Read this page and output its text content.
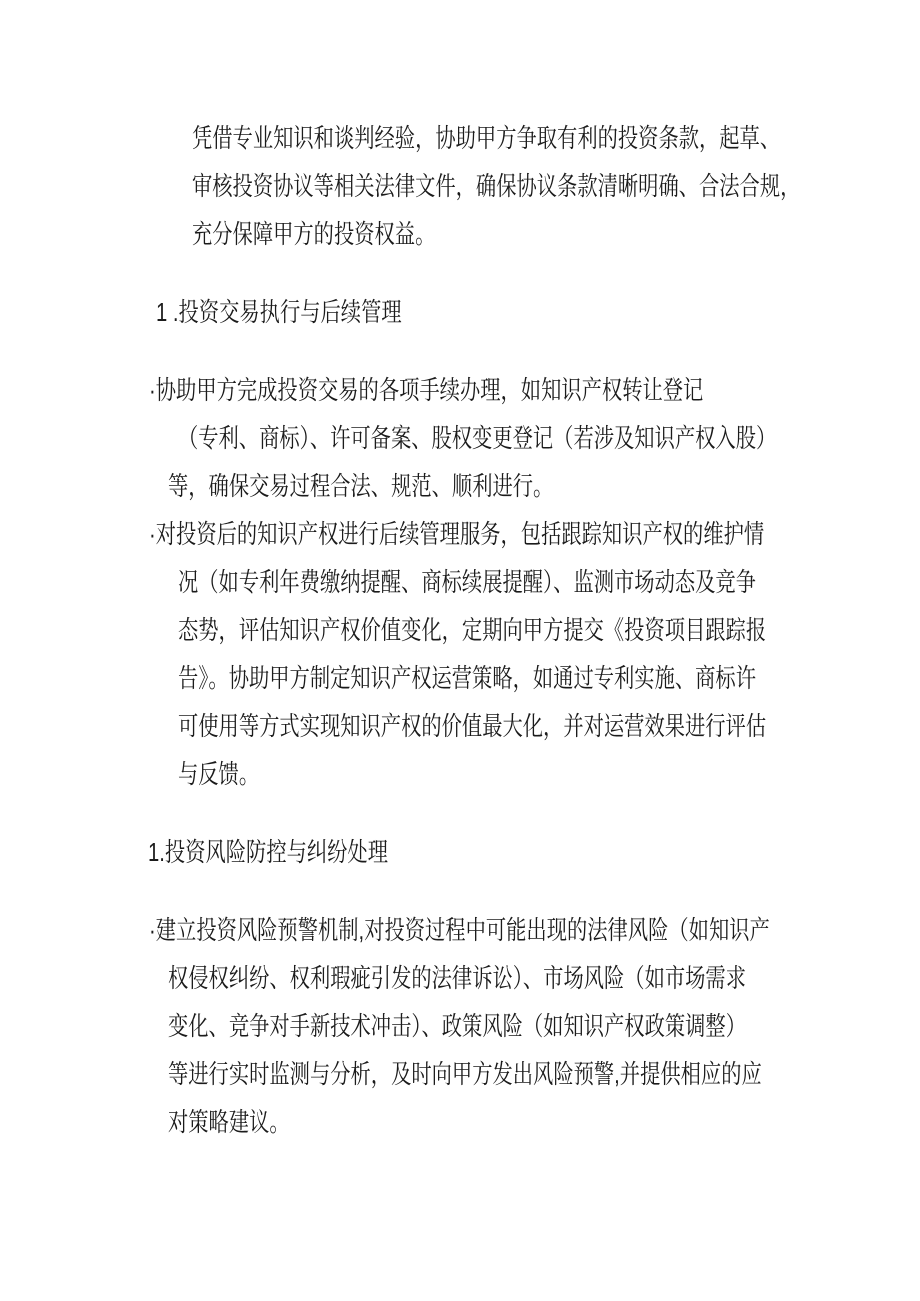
凭借专业知识和谈判经验，协助甲方争取有利的投资条款，起草、
审核投资协议等相关法律文件，确保协议条款清晰明确、合法合规，
充分保障甲方的投资权益。
1 .投资交易执行与后续管理
·协助甲方完成投资交易的各项手续办理，如知识产权转让登记
（专利、商标）、许可备案、股权变更登记（若涉及知识产权入股）
等，确保交易过程合法、规范、顺利进行。
·对投资后的知识产权进行后续管理服务，包括跟踪知识产权的维护情
况（如专利年费缴纳提醒、商标续展提醒）、监测市场动态及竞争
态势，评估知识产权价值变化，定期向甲方提交《投资项目跟踪报
告》。协助甲方制定知识产权运营策略，如通过专利实施、商标许
可使用等方式实现知识产权的价值最大化，并对运营效果进行评估
与反馈。
1.投资风险防控与纠纷处理
·建立投资风险预警机制,对投资过程中可能出现的法律风险（如知识产
权侵权纠纷、权利瑕疵引发的法律诉讼）、市场风险（如市场需求
变化、竞争对手新技术冲击）、政策风险（如知识产权政策调整）
等进行实时监测与分析，及时向甲方发出风险预警,并提供相应的应
对策略建议。
